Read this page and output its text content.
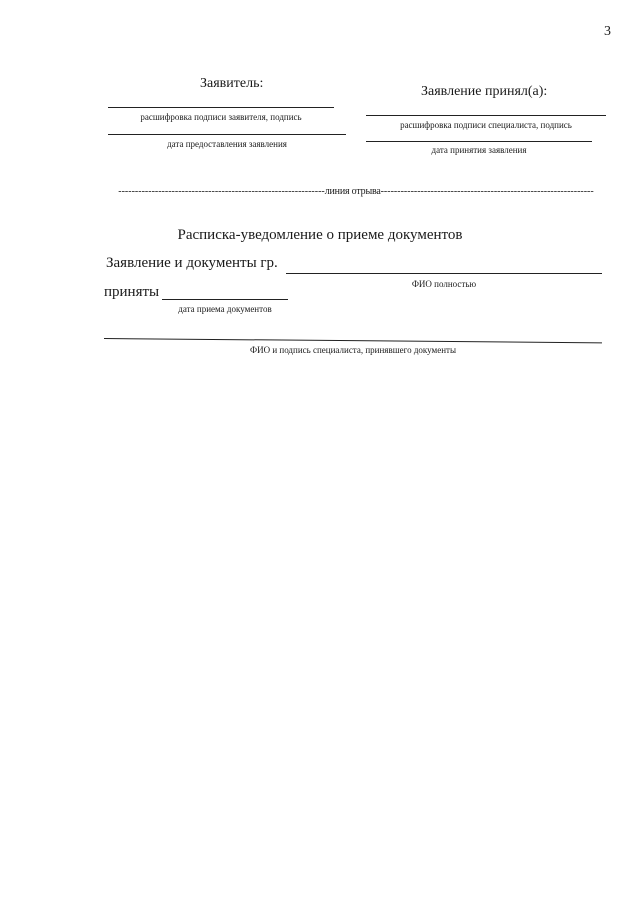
3
Заявитель:
расшифровка подписи заявителя, подпись
дата предоставления заявления
Заявление принял(а):
расшифровка подписи специалиста, подпись
дата принятия заявления
--------------------------------------------------------------линия отрыва----------------------------------------------------------------
Расписка-уведомление о приеме документов
Заявление и документы гр.
ФИО полностью
приняты
дата приема документов
ФИО и подпись специалиста, принявшего документы
